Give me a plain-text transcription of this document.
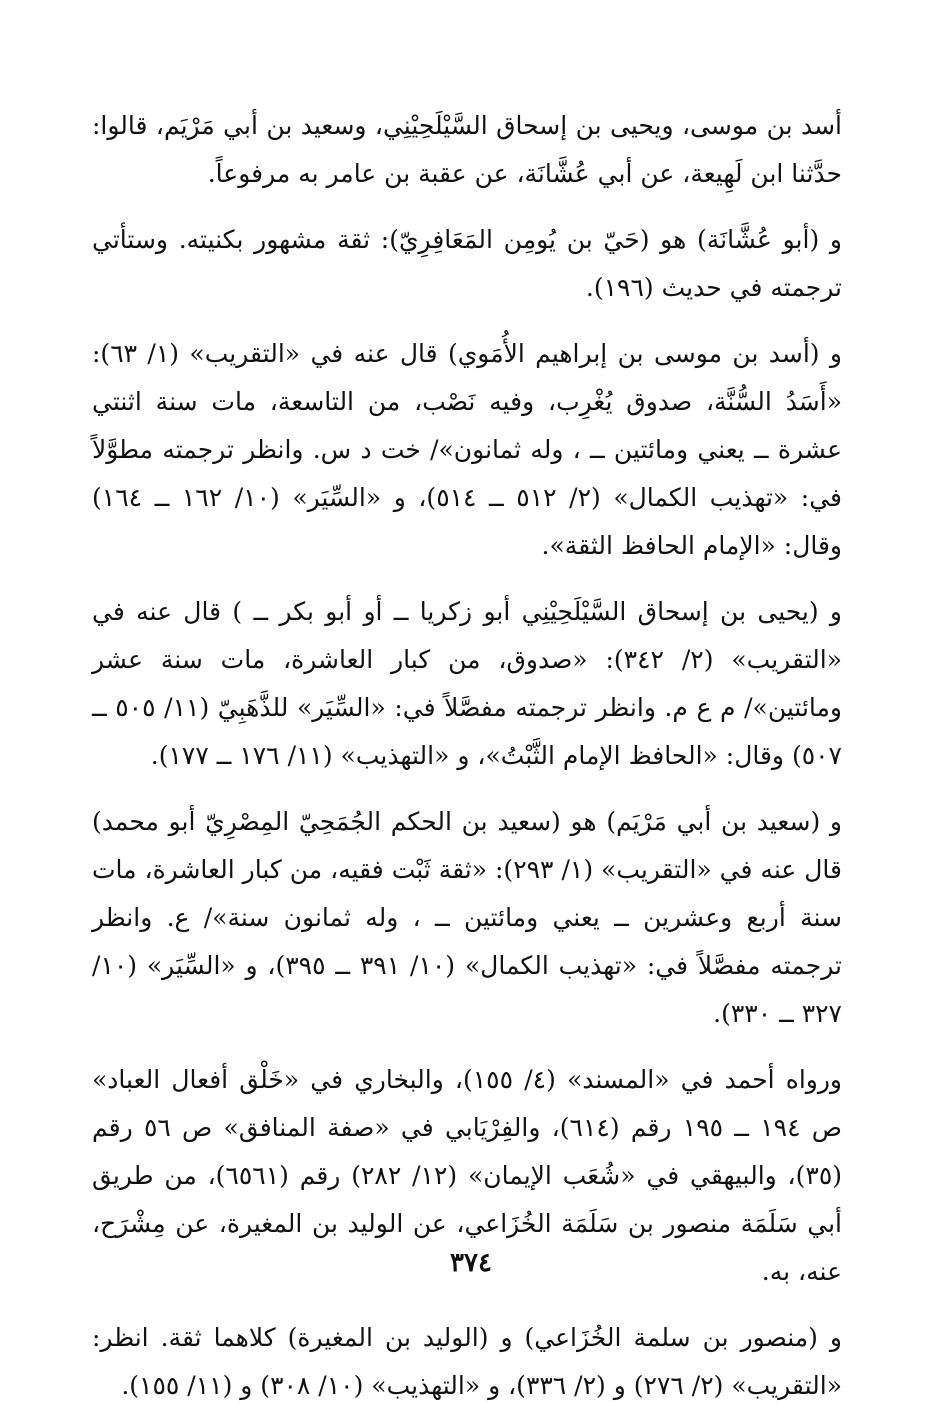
أسد بن موسى، ويحيى بن إسحاق السَّيْلَحِيْنِي، وسعيد بن أبي مَرْيَم، قالوا: حدَّثنا ابن لَهِيعة، عن أبي عُشَّانَة، عن عقبة بن عامر به مرفوعاً.

و (أبو عُشَّانَة) هو (حَيّ بن يُومِن المَعَافِرِيّ): ثقة مشهور بكنيته. وستأتي ترجمته في حديث (١٩٦).

و (أسد بن موسى بن إبراهيم الأُمَوي) قال عنه في «التقريب» (١/ ٦٣): «أَسَدُ السُّنَّة، صدوق يُغْرِب، وفيه نَصْب، من التاسعة، مات سنة اثنتي عشرة ــ يعني ومائتين ــ ، وله ثمانون»/ خت د س. وانظر ترجمته مطوَّلاً في: «تهذيب الكمال» (٢/ ٥١٢ ــ ٥١٤)، و «السِّيَر» (١٠/ ١٦٢ ــ ١٦٤) وقال: «الإمام الحافظ الثقة».

و (يحيى بن إسحاق السَّيْلَحِيْنِي أبو زكريا ــ أو أبو بكر ــ ) قال عنه في «التقريب» (٢/ ٣٤٢): «صدوق، من كبار العاشرة، مات سنة عشر ومائتين»/ م ع م. وانظر ترجمته مفصَّلاً في: «السِّيَر» للذَّهَبِيّ (١١/ ٥٠٥ ــ ٥٠٧) وقال: «الحافظ الإمام الثَّبْتُ»، و «التهذيب» (١١/ ١٧٦ ــ ١٧٧).

و (سعيد بن أبي مَرْيَم) هو (سعيد بن الحكم الجُمَحِيّ المِصْرِيّ أبو محمد) قال عنه في «التقريب» (١/ ٢٩٣): «ثقة ثَبْت فقيه، من كبار العاشرة، مات سنة أربع وعشرين ــ يعني ومائتين ــ ، وله ثمانون سنة»/ ع. وانظر ترجمته مفصَّلاً في: «تهذيب الكمال» (١٠/ ٣٩١ ــ ٣٩٥)، و «السِّيَر» (١٠/ ٣٢٧ ــ ٣٣٠).

ورواه أحمد في «المسند» (٤/ ١٥٥)، والبخاري في «خَلْق أفعال العباد» ص ١٩٤ ــ ١٩٥ رقم (٦١٤)، والفِرْيَابي في «صفة المنافق» ص ٥٦ رقم (٣٥)، والبيهقي في «شُعَب الإيمان» (١٢/ ٢٨٢) رقم (٦٥٦١)، من طريق أبي سَلَمَة منصور بن سَلَمَة الخُزَاعي، عن الوليد بن المغيرة، عن مِشْرَح، عنه، به.

و (منصور بن سلمة الخُزَاعي) و (الوليد بن المغيرة) كلاهما ثقة. انظر: «التقريب» (٢/ ٢٧٦) و (٢/ ٣٣٦)، و «التهذيب» (١٠/ ٣٠٨) و (١١/ ١٥٥).

٣٧٤
